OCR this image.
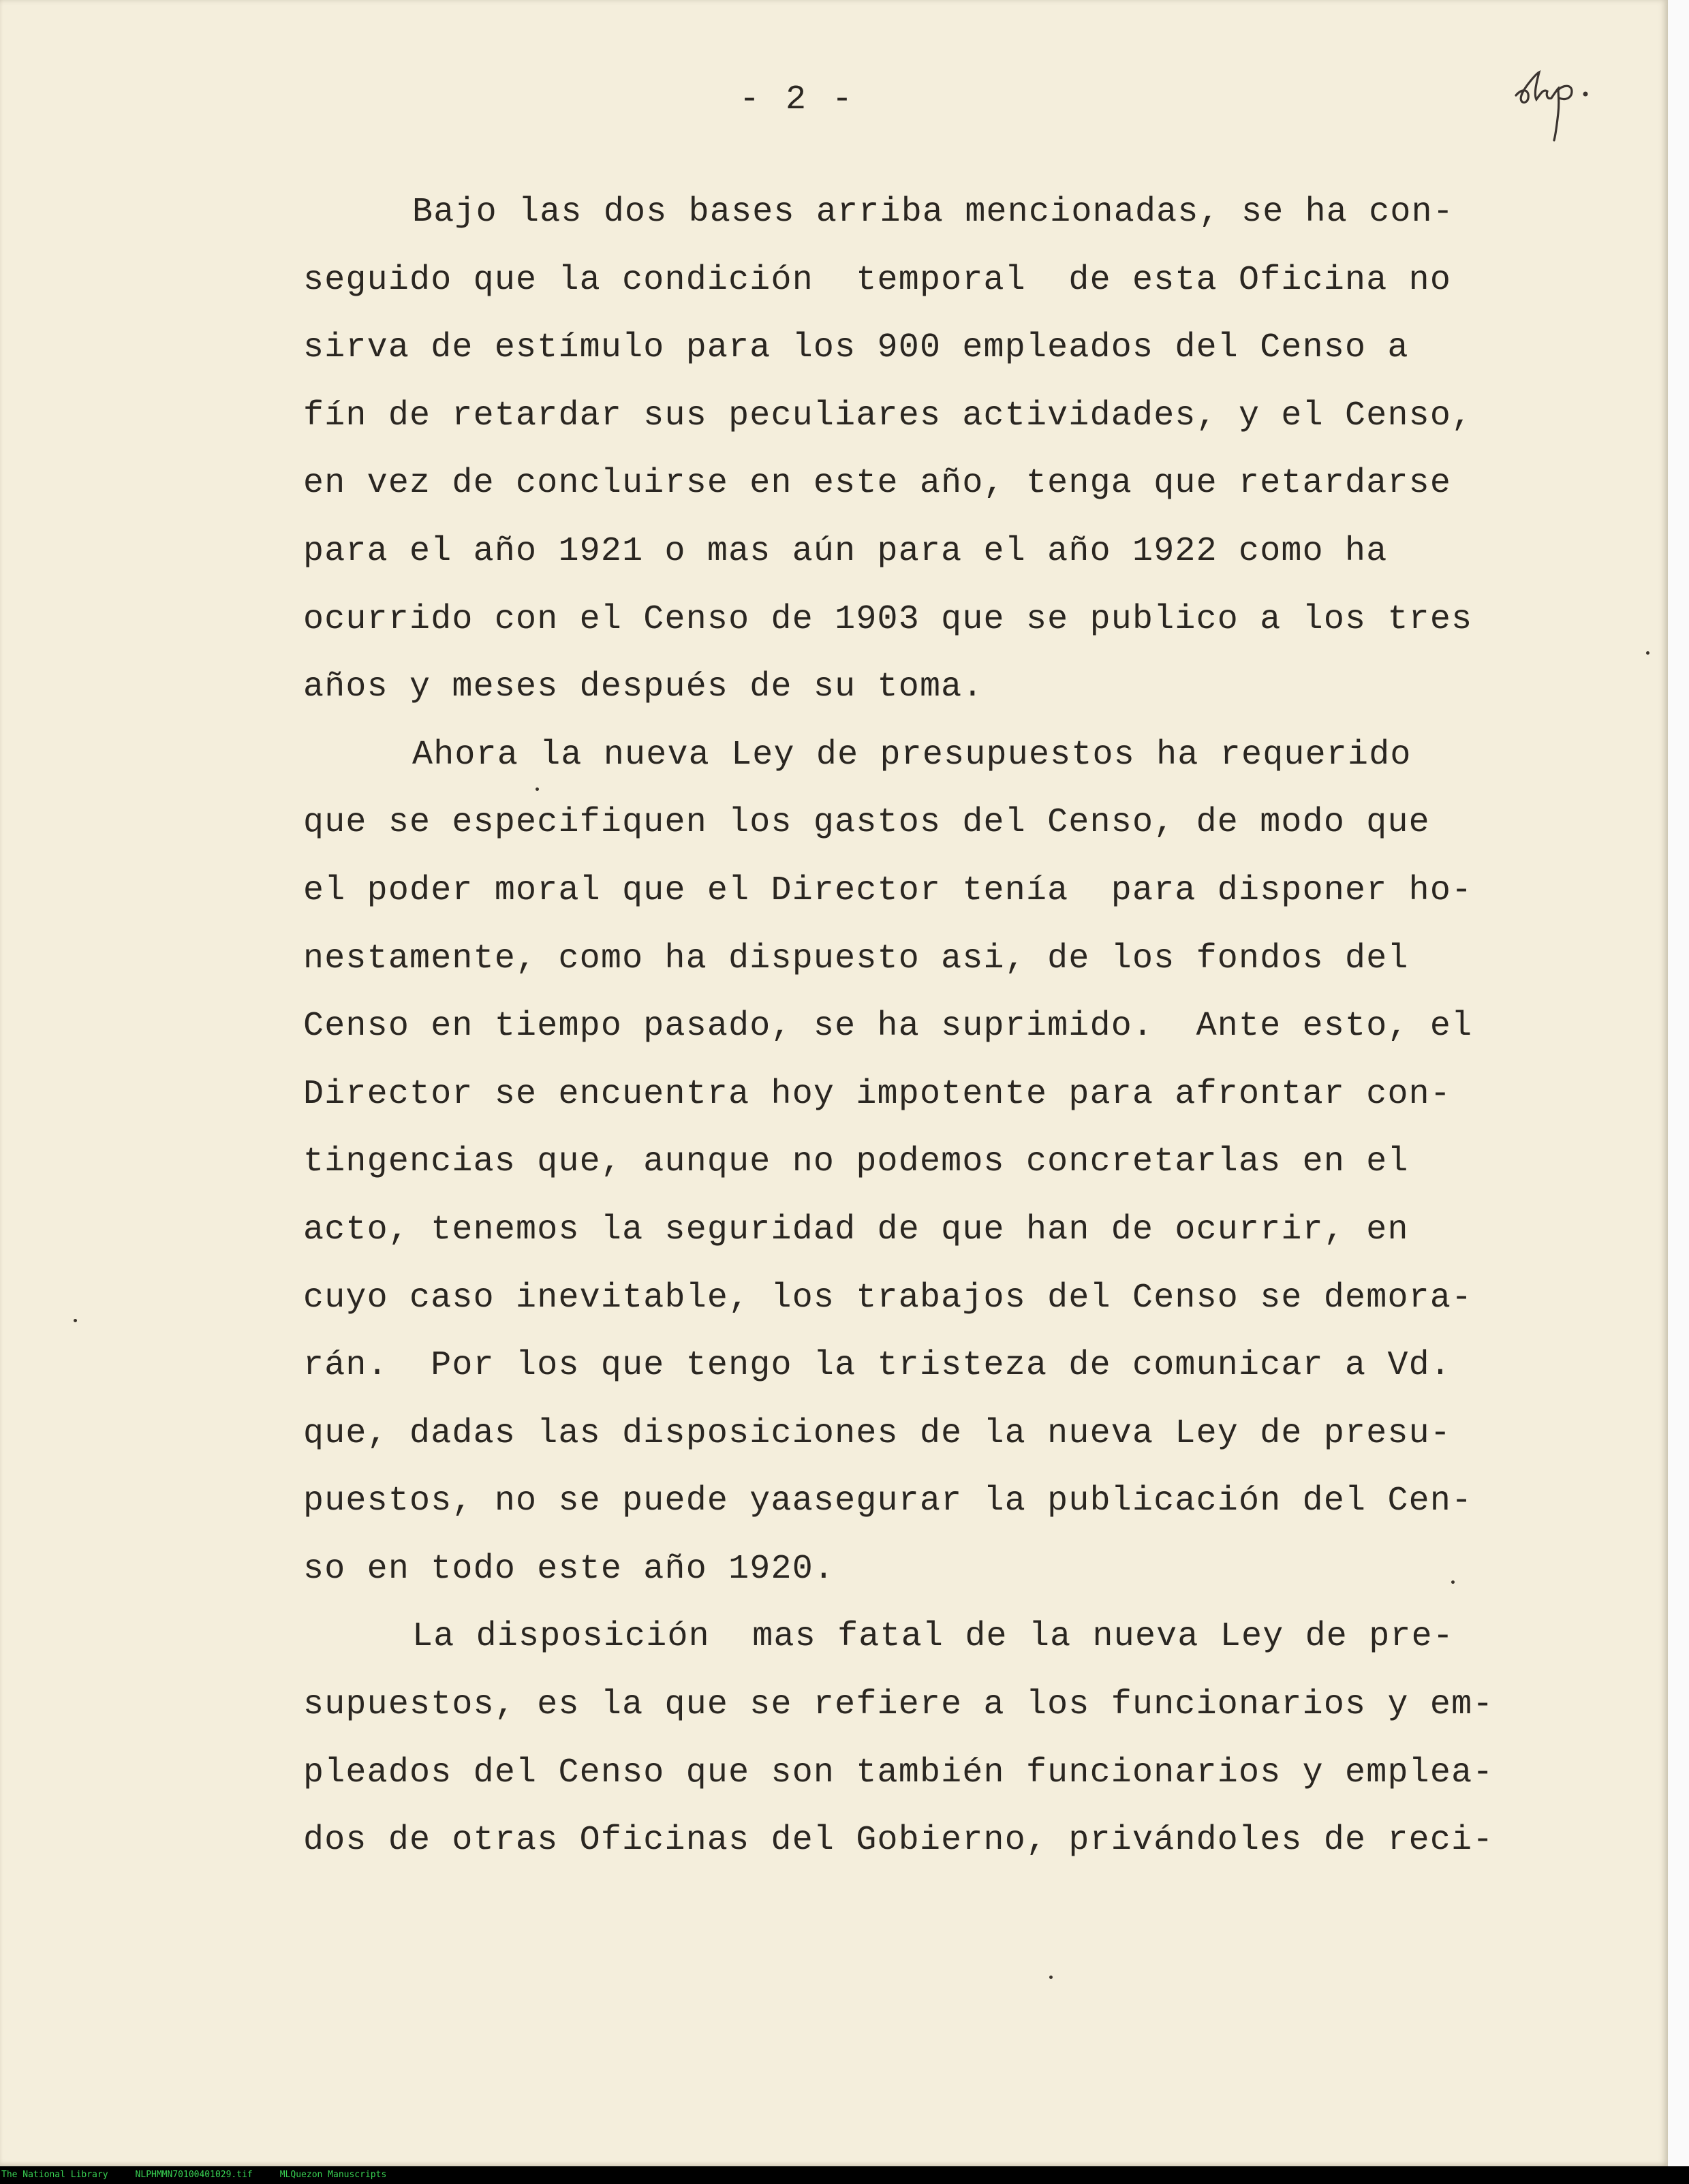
- 2 -
Bajo las dos bases arriba mencionadas, se ha con-
seguido que la condición  temporal  de esta Oficina no
sirva de estímulo para los 900 empleados del Censo a
fín de retardar sus peculiares actividades, y el Censo,
en vez de concluirse en este año, tenga que retardarse
para el año 1921 o mas aún para el año 1922 como ha
ocurrido con el Censo de 1903 que se publico a los tres
años y meses después de su toma.
Ahora la nueva Ley de presupuestos ha requerido
que se especifiquen los gastos del Censo, de modo que
el poder moral que el Director tenía  para disponer ho-
nestamente, como ha dispuesto asi, de los fondos del
Censo en tiempo pasado, se ha suprimido.  Ante esto, el
Director se encuentra hoy impotente para afrontar con-
tingencias que, aunque no podemos concretarlas en el
acto, tenemos la seguridad de que han de ocurrir, en
cuyo caso inevitable, los trabajos del Censo se demora-
rán.  Por los que tengo la tristeza de comunicar a Vd.
que, dadas las disposiciones de la nueva Ley de presu-
puestos, no se puede yaasegurar la publicación del Cen-
so en todo este año 1920.
La disposición  mas fatal de la nueva Ley de pre-
supuestos, es la que se refiere a los funcionarios y em-
pleados del Censo que son también funcionarios y emplea-
dos de otras Oficinas del Gobierno, privándoles de reci-
The National Library	NLPHMMN70100401029.tif	MLQuezon Manuscripts
